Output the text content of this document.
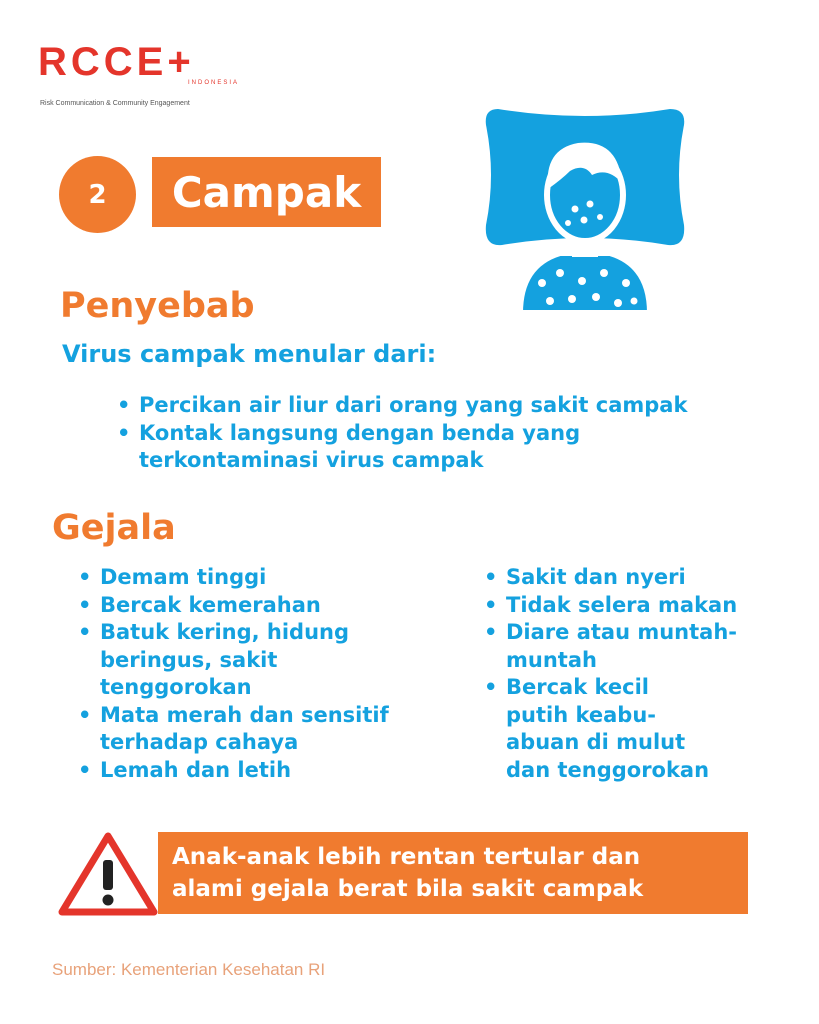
RCCE+
INDONESIA
Risk Communication & Community Engagement
2	Campak
Penyebab
Virus campak menular dari:
• Percikan air liur dari orang yang sakit campak
• Kontak langsung dengan benda yang terkontaminasi virus campak
Gejala
• Demam tinggi
• Bercak kemerahan
• Batuk kering, hidung beringus, sakit tenggorokan
• Mata merah dan sensitif terhadap cahaya
• Lemah dan letih
• Sakit dan nyeri
• Tidak selera makan
• Diare atau muntah-muntah
• Bercak kecil putih keabu-abuan di mulut dan tenggorokan
Anak-anak lebih rentan tertular dan
alami gejala berat bila sakit campak
Sumber: Kementerian Kesehatan RI
